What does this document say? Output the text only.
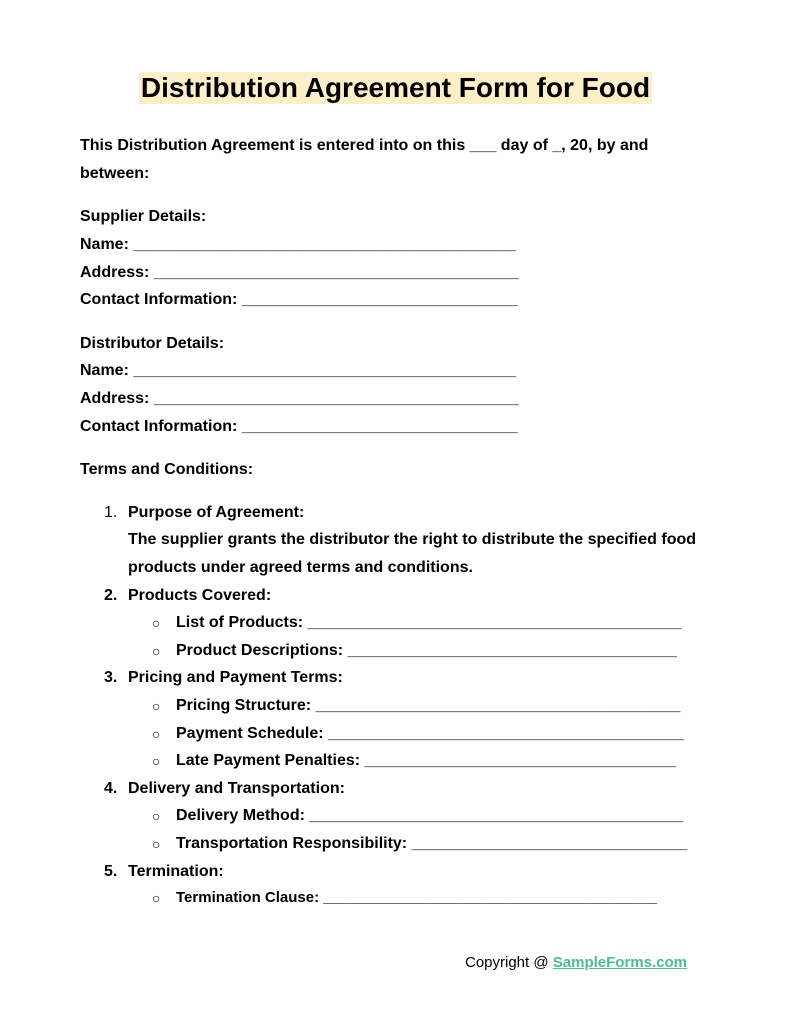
Distribution Agreement Form for Food
This Distribution Agreement is entered into on this ___ day of _, 20, by and
between:
Supplier Details:
Name: ___________________________________________
Address: _________________________________________
Contact Information: _______________________________
Distributor Details:
Name: ___________________________________________
Address: _________________________________________
Contact Information: _______________________________
Terms and Conditions:
1. Purpose of Agreement:
The supplier grants the distributor the right to distribute the specified food
products under agreed terms and conditions.
2. Products Covered:
○ List of Products: __________________________________________
○ Product Descriptions: _____________________________________
3. Pricing and Payment Terms:
○ Pricing Structure: _________________________________________
○ Payment Schedule: ________________________________________
○ Late Payment Penalties: ___________________________________
4. Delivery and Transportation:
○ Delivery Method: __________________________________________
○ Transportation Responsibility: _______________________________
5. Termination:
○ Termination Clause: ________________________________________
Copyright @ SampleForms.com
